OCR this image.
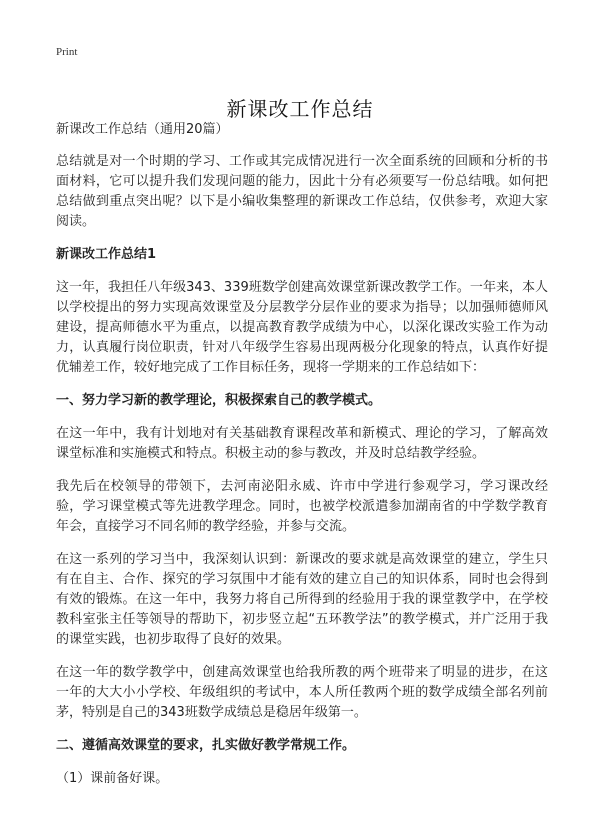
Print
新课改工作总结

新课改工作总结（通用20篇）

总结就是对一个时期的学习、工作或其完成情况进行一次全面系统的回顾和分析的书面材料，它可以提升我们发现问题的能力，因此十分有必须要写一份总结哦。如何把总结做到重点突出呢？以下是小编收集整理的新课改工作总结，仅供参考，欢迎大家阅读。

新课改工作总结1

这一年，我担任八年级343、339班数学创建高效课堂新课改教学工作。一年来，本人以学校提出的努力实现高效课堂及分层教学分层作业的要求为指导；以加强师德师风建设，提高师德水平为重点，以提高教育教学成绩为中心，以深化课改实验工作为动力，认真履行岗位职责，针对八年级学生容易出现两极分化现象的特点，认真作好提优辅差工作，较好地完成了工作目标任务，现将一学期来的工作总结如下：

一、努力学习新的教学理论，积极探索自己的教学模式。

在这一年中，我有计划地对有关基础教育课程改革和新模式、理论的学习，了解高效课堂标准和实施模式和特点。积极主动的参与教改，并及时总结教学经验。

我先后在校领导的带领下，去河南泌阳永威、许市中学进行参观学习，学习课改经验，学习课堂模式等先进教学理念。同时，也被学校派遣参加湖南省的中学数学教育年会，直接学习不同名师的教学经验，并参与交流。

在这一系列的学习当中，我深刻认识到：新课改的要求就是高效课堂的建立，学生只有在自主、合作、探究的学习氛围中才能有效的建立自己的知识体系，同时也会得到有效的锻炼。在这一年中，我努力将自己所得到的经验用于我的课堂教学中，在学校教科室张主任等领导的帮助下，初步竖立起“五环教学法”的教学模式，并广泛用于我的课堂实践，也初步取得了良好的效果。

在这一年的数学教学中，创建高效课堂也给我所教的两个班带来了明显的进步，在这一年的大大小小学校、年级组织的考试中，本人所任教两个班的数学成绩全部名列前茅，特别是自己的343班数学成绩总是稳居年级第一。

二、遵循高效课堂的要求，扎实做好教学常规工作。

（1）课前备好课。
